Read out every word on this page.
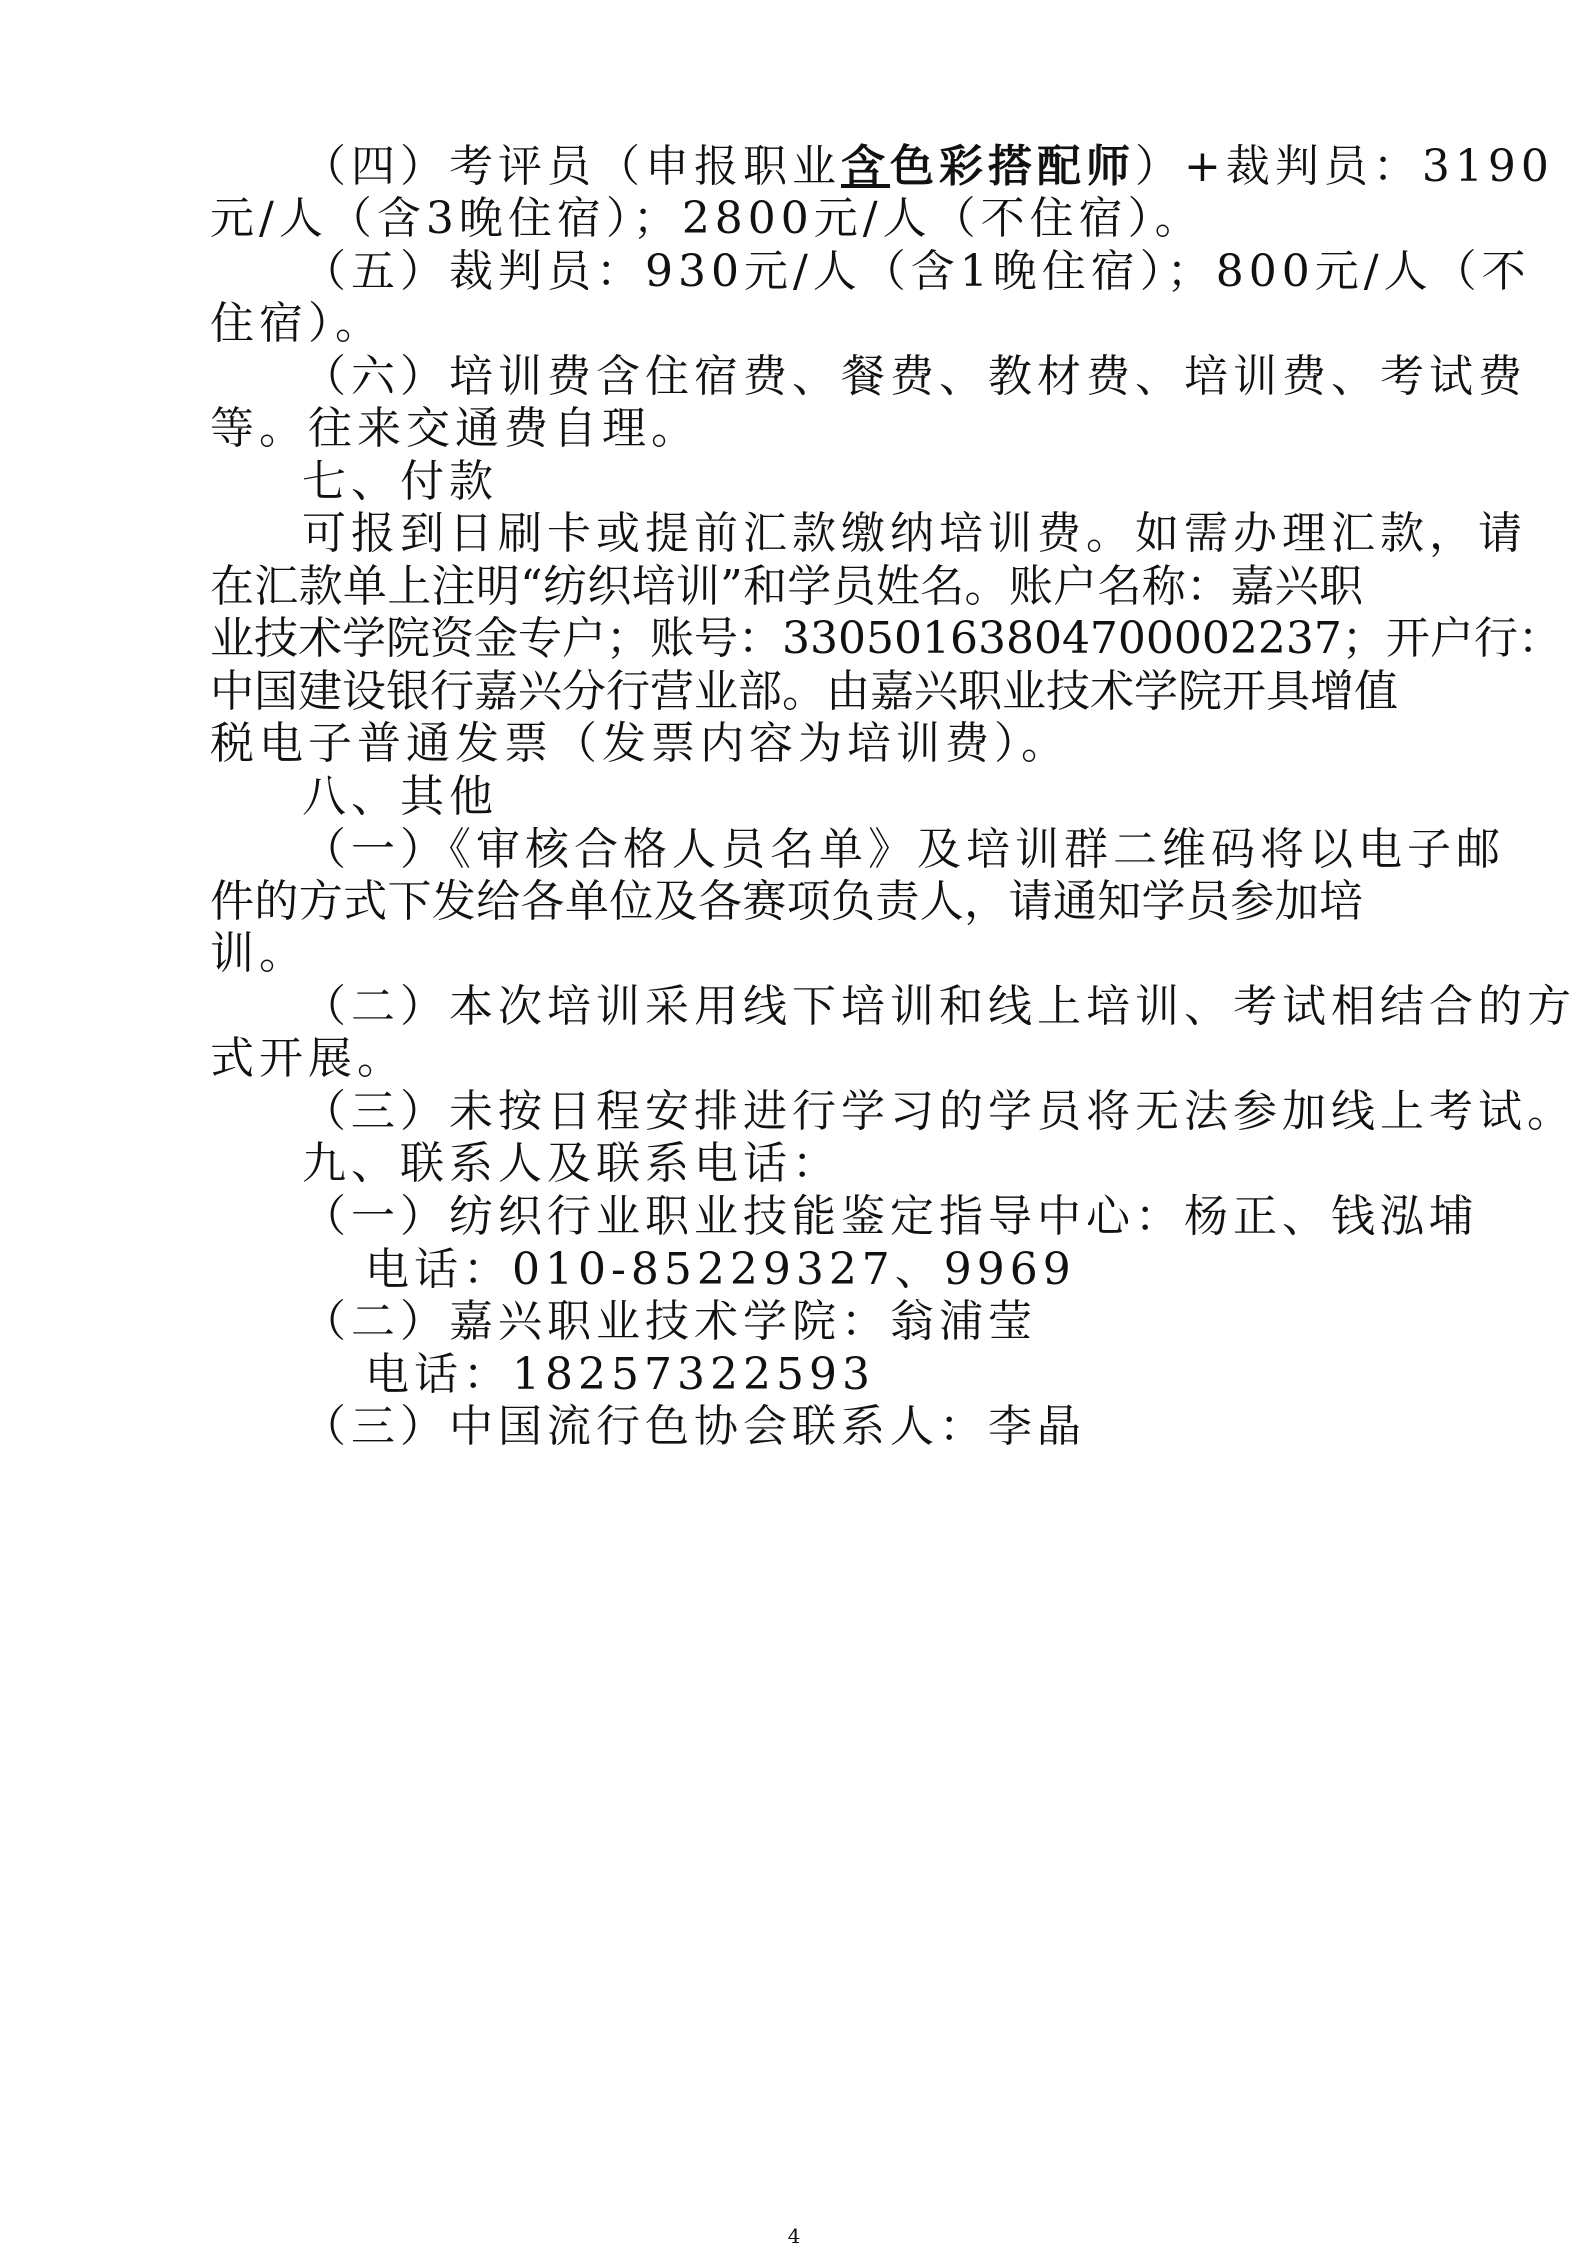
（四）考评员（申报职业含色彩搭配师）+裁判员：3190
元/人（含3晚住宿）；2800元/人（不住宿）。
（五）裁判员：930元/人（含1晚住宿）；800元/人（不
住宿）。
（六）培训费含住宿费、餐费、教材费、培训费、考试费
等。往来交通费自理。
七、付款
可报到日刷卡或提前汇款缴纳培训费。如需办理汇款，请
在汇款单上注明“纺织培训”和学员姓名。账户名称：嘉兴职
业技术学院资金专户；账号：33050163804700002237；开户行：
中国建设银行嘉兴分行营业部。由嘉兴职业技术学院开具增值
税电子普通发票（发票内容为培训费）。
八、其他
（一）《审核合格人员名单》及培训群二维码将以电子邮
件的方式下发给各单位及各赛项负责人，请通知学员参加培
训。
（二）本次培训采用线下培训和线上培训、考试相结合的方
式开展。
（三）未按日程安排进行学习的学员将无法参加线上考试。
九、联系人及联系电话：
（一）纺织行业职业技能鉴定指导中心：杨正、钱泓埔
电话：010-85229327、9969
（二）嘉兴职业技术学院：翁浦莹
电话：18257322593
（三）中国流行色协会联系人：李晶
4
